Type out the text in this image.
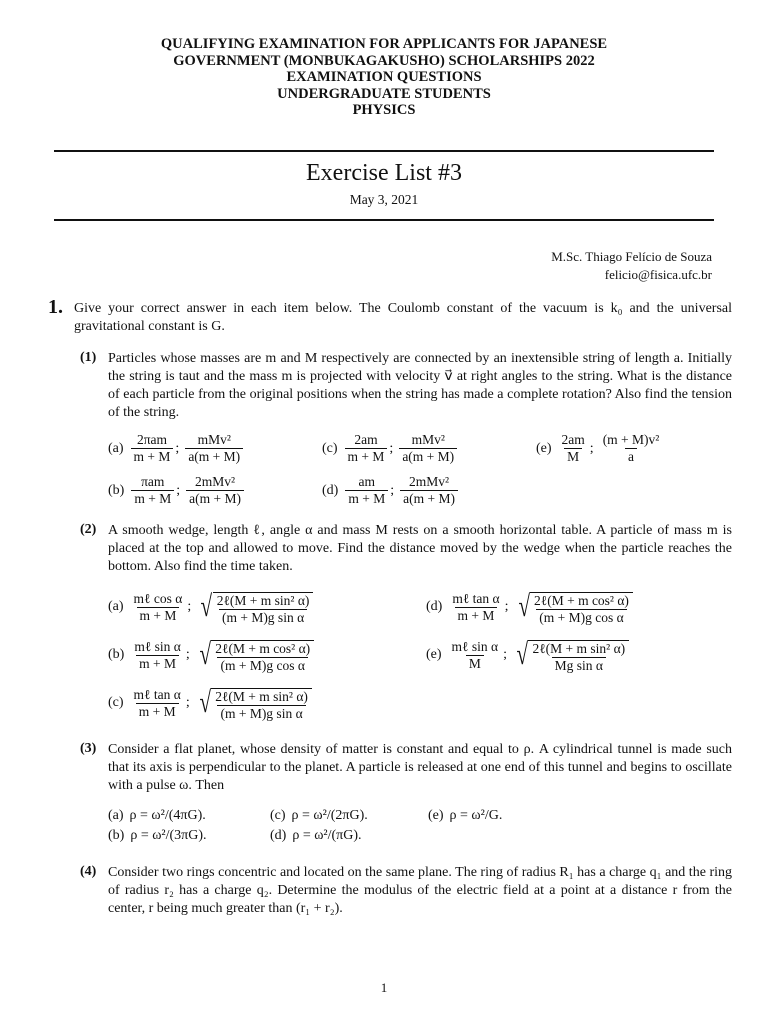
QUALIFYING EXAMINATION FOR APPLICANTS FOR JAPANESE
GOVERNMENT (MONBUKAGAKUSHO) SCHOLARSHIPS 2022
EXAMINATION QUESTIONS
UNDERGRADUATE STUDENTS
PHYSICS
Exercise List #3
May 3, 2021
M.Sc. Thiago Felício de Souza
felicio@fisica.ufc.br
1. Give your correct answer in each item below. The Coulomb constant of the vacuum is k₀ and the universal gravitational constant is G.
(1) Particles whose masses are m and M respectively are connected by an inextensible string of length a. Initially the string is taut and the mass m is projected with velocity v⃗ at right angles to the string. What is the distance of each particle from the original positions when the string has made a complete rotation? Also find the tension of the string.
$(a) \frac{\text{2πam}}{m + M}$ ; $\frac{\text{mMv²}}{a(m + M)}$
$(b) \frac{\text{πam}}{m + M}$ ; $\frac{\text{2mMv²}}{a(m + M)}$
$(c) \frac{2am}{m + M}$ ; $\frac{\text{mMv²}}{a(m + M)}$
$(d) \frac{am}{m + M}$ ; $\frac{\text{2mMv²}}{a(m + M)}$
$(e) \frac{2am}{M}$ ; $\frac{\text{(m + M)v²}}{a}$
(2) A smooth wedge, length ℓ, angle α and mass M rests on a smooth horizontal table. A particle of mass m is placed at the top and allowed to move. Find the distance moved by the wedge when the particle reaches the bottom. Also find the time taken.
$(a) \frac{\text{mℓ cos α}}{m + M}$ ; √ $\frac{\text{2ℓ(M + m sin² α)}}{\text{(m + M)g sin α}}$
$(b) \frac{\text{mℓ sin α}}{m + M}$ ; √ $\frac{\text{2ℓ(M + m cos² α)}}{\text{(m + M)g cos α}}$
$(c) \frac{\text{mℓ tan α}}{m + M}$ ; √ $\frac{\text{2ℓ(M + m sin² α)}}{\text{(m + M)g sin α}}$
$(d) \frac{\text{mℓ tan α}}{m + M}$ ; √ $\frac{\text{2ℓ(M + m cos² α)}}{\text{(m + M)g cos α}}$
$(e) \frac{\text{mℓ sin α}}{M}$ ; √ $\frac{\text{2ℓ(M + m sin² α)}}{\text{Mg sin α}}$
(3) Consider a flat planet, whose density of matter is constant and equal to ρ. A cylindrical tunnel is made such that its axis is perpendicular to the planet. A particle is released at one end of this tunnel and begins to oscillate with a pulse ω. Then
(a) ρ = ω²/(4πG).
(b) ρ = ω²/(3πG).
(c) ρ = ω²/(2πG).
(d) ρ = ω²/(πG).
(e) ρ = ω²/G.
(4) Consider two rings concentric and located on the same plane. The ring of radius R₁ has a charge q₁ and the ring of radius r₂ has a charge q₂. Determine the modulus of the electric field at a point at a distance r from the center, r being much greater than (r₁ + r₂).
1
